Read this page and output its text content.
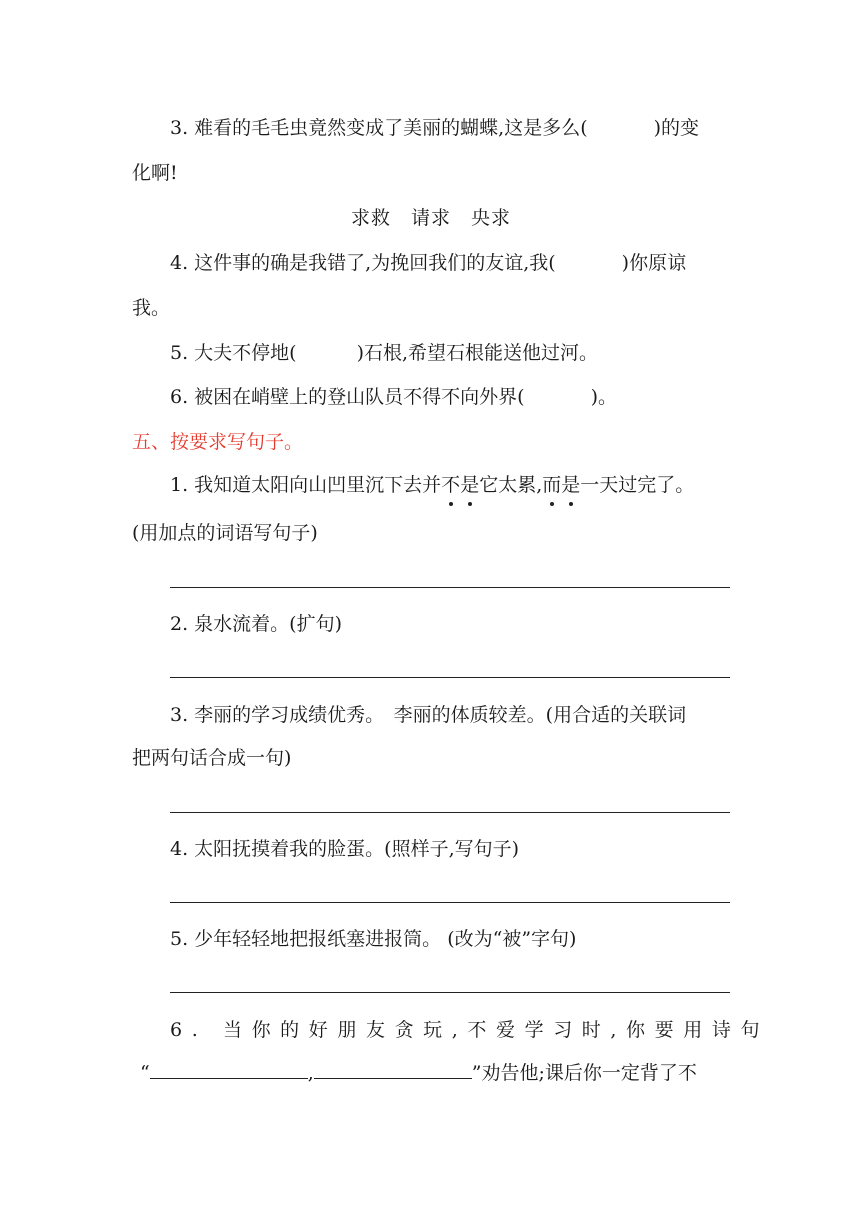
3. 难看的毛毛虫竟然变成了美丽的蝴蝶,这是多么(	)的变
化啊!
求救　请求　央求
4. 这件事的确是我错了,为挽回我们的友谊,我(	)你原谅
我。
5. 大夫不停地(	)石根,希望石根能送他过河。
6. 被困在峭壁上的登山队员不得不向外界(	)。
五、按要求写句子。
1. 我知道太阳向山凹里沉下去并不是它太累,而是一天过完了。
(用加点的词语写句子)
2. 泉水流着。(扩句)
3. 李丽的学习成绩优秀。　李丽的体质较差。(用合适的关联词
把两句话合成一句)
4. 太阳抚摸着我的脸蛋。(照样子,写句子)
5. 少年轻轻地把报纸塞进报筒。 (改为“被”字句)
6. 当你的好朋友贪玩,不爱学习时,你要用诗句
“	,	”劝告他;课后你一定背了不
